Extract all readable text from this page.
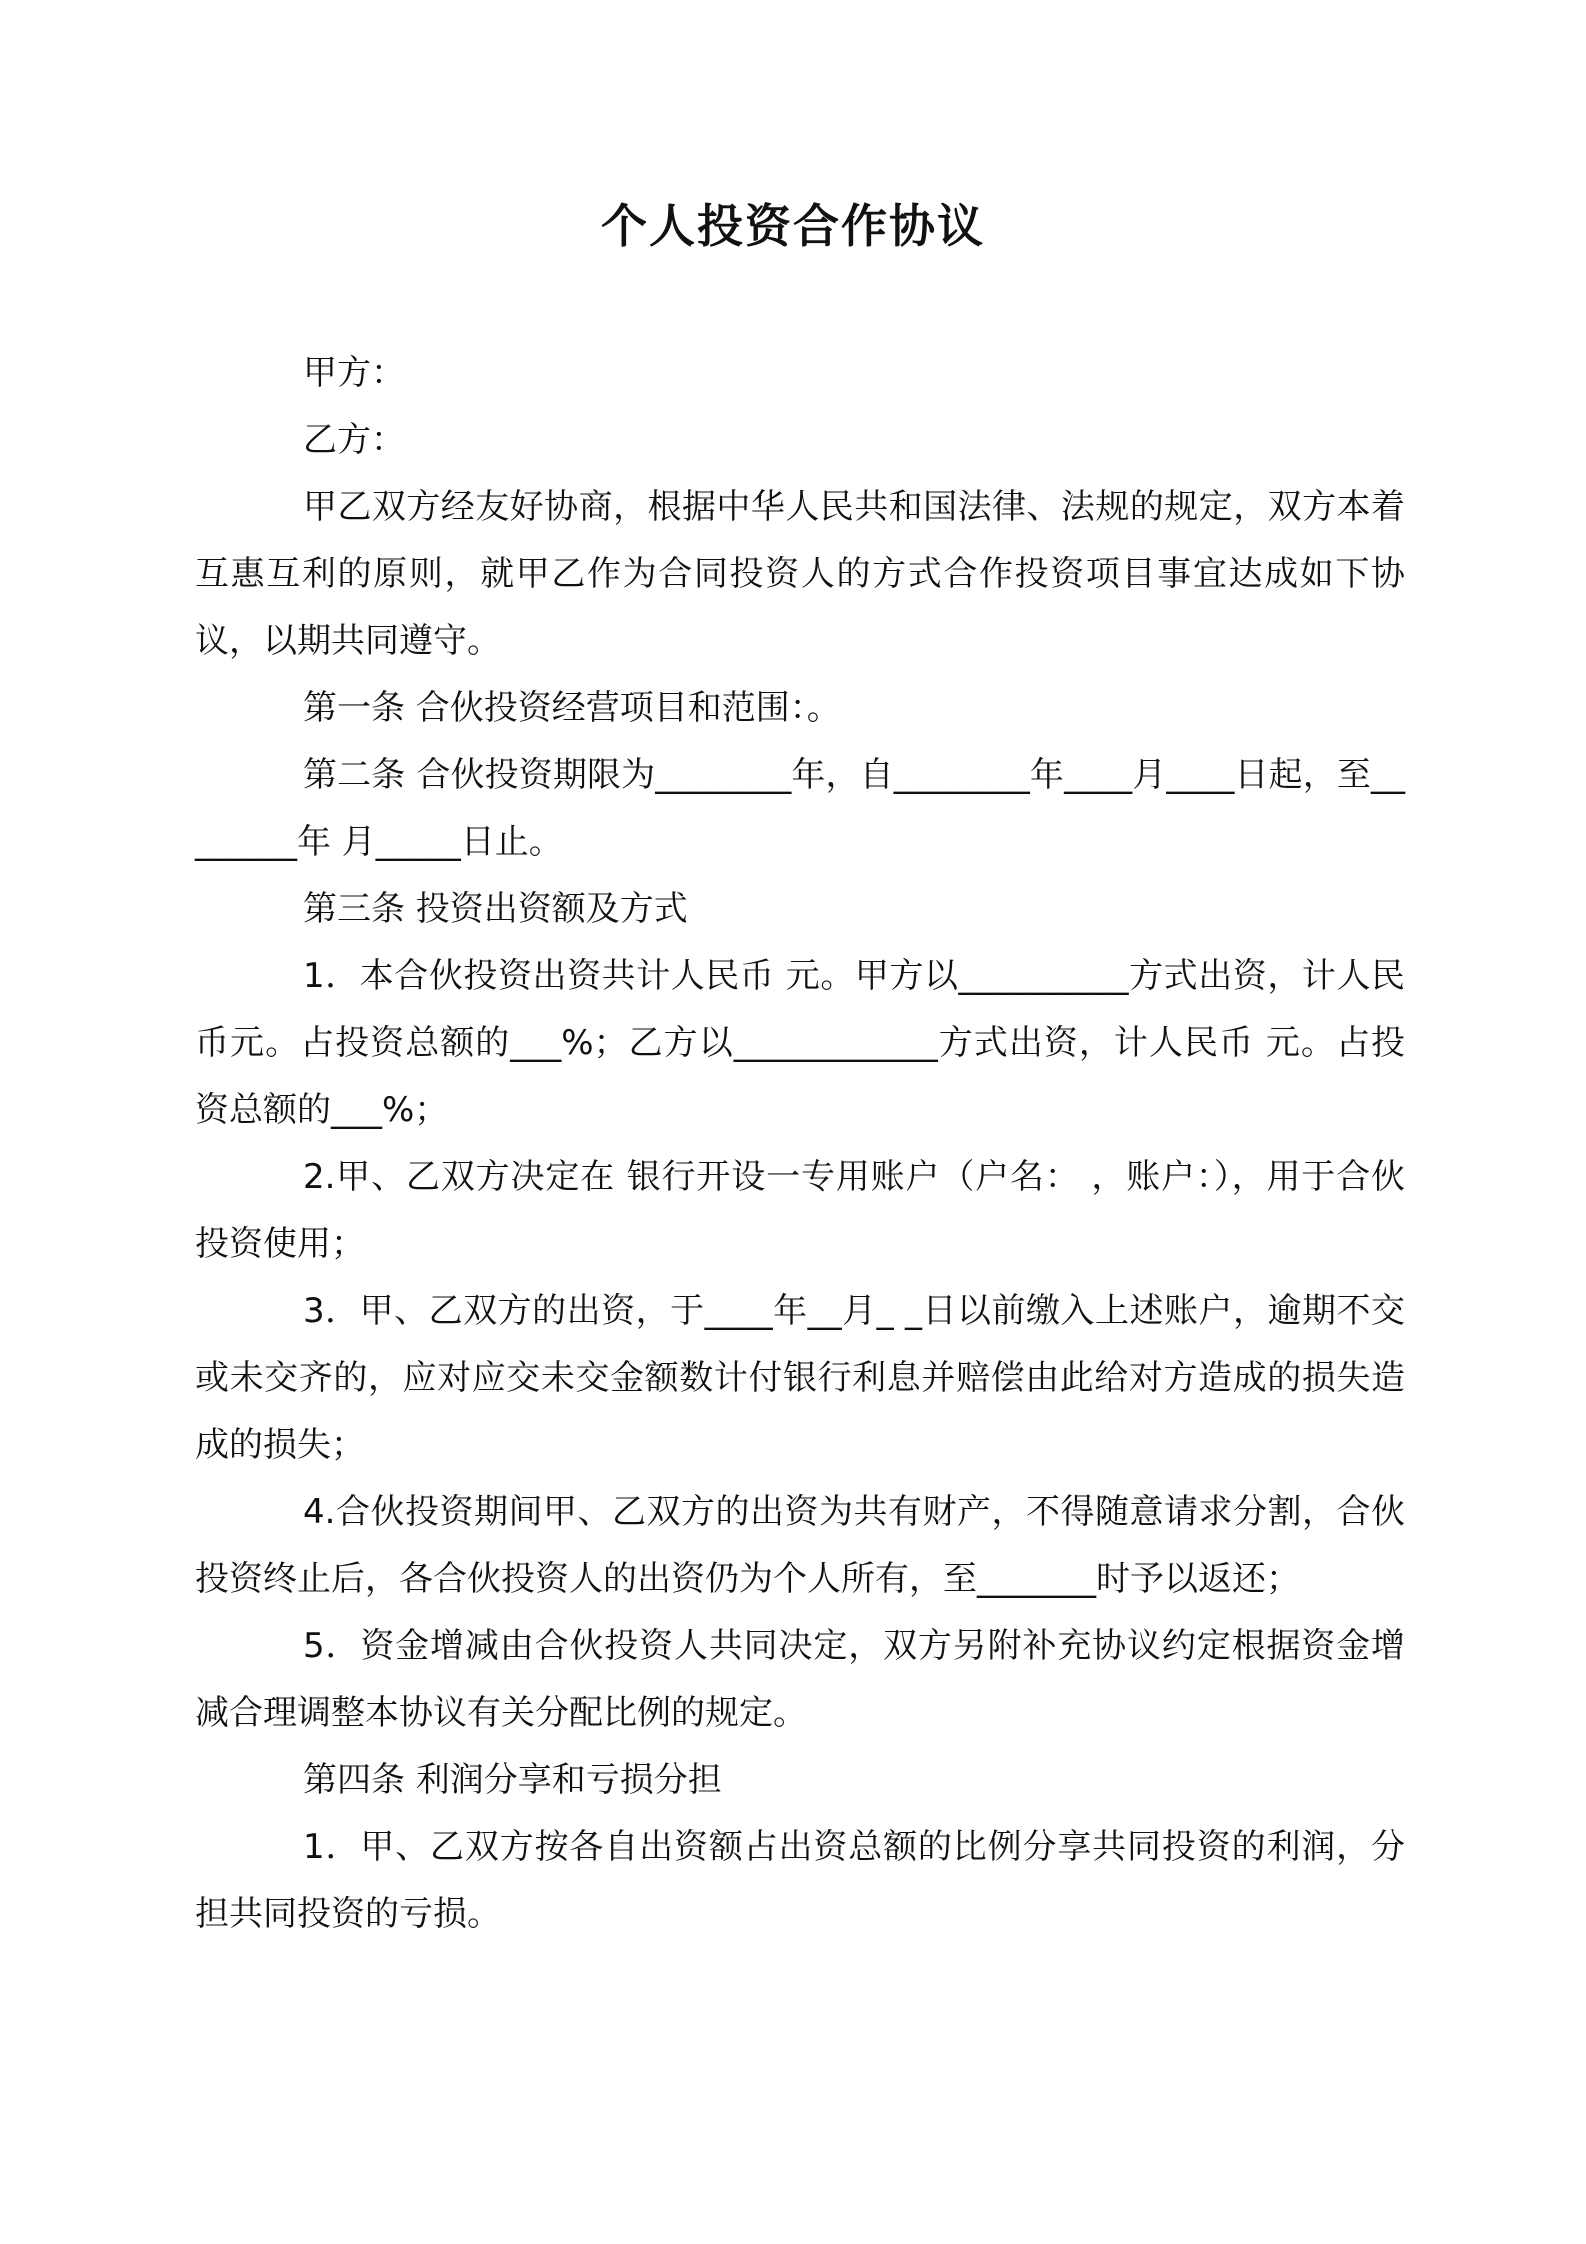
个人投资合作协议

甲方：

乙方：

甲乙双方经友好协商，根据中华人民共和国法律、法规的规定，双方本着互惠互利的原则，就甲乙作为合同投资人的方式合作投资项目事宜达成如下协议，以期共同遵守。

第一条 合伙投资经营项目和范围：。

第二条 合伙投资期限为________年，自________年____月____日起，至________年 月_____日止。

第三条 投资出资额及方式

1．本合伙投资出资共计人民币 元。甲方以__________方式出资，计人民币元。占投资总额的___%；乙方以____________方式出资，计人民币 元。占投资总额的___%；

2.甲、乙双方决定在 银行开设一专用账户（户名： ，账户：），用于合伙投资使用；

3．甲、乙双方的出资，于____年__月_ _日以前缴入上述账户，逾期不交或未交齐的，应对应交未交金额数计付银行利息并赔偿由此给对方造成的损失造成的损失；

4.合伙投资期间甲、乙双方的出资为共有财产，不得随意请求分割，合伙投资终止后，各合伙投资人的出资仍为个人所有，至_______时予以返还；

5．资金增减由合伙投资人共同决定，双方另附补充协议约定根据资金增减合理调整本协议有关分配比例的规定。

第四条 利润分享和亏损分担

1．甲、乙双方按各自出资额占出资总额的比例分享共同投资的利润，分担共同投资的亏损。
